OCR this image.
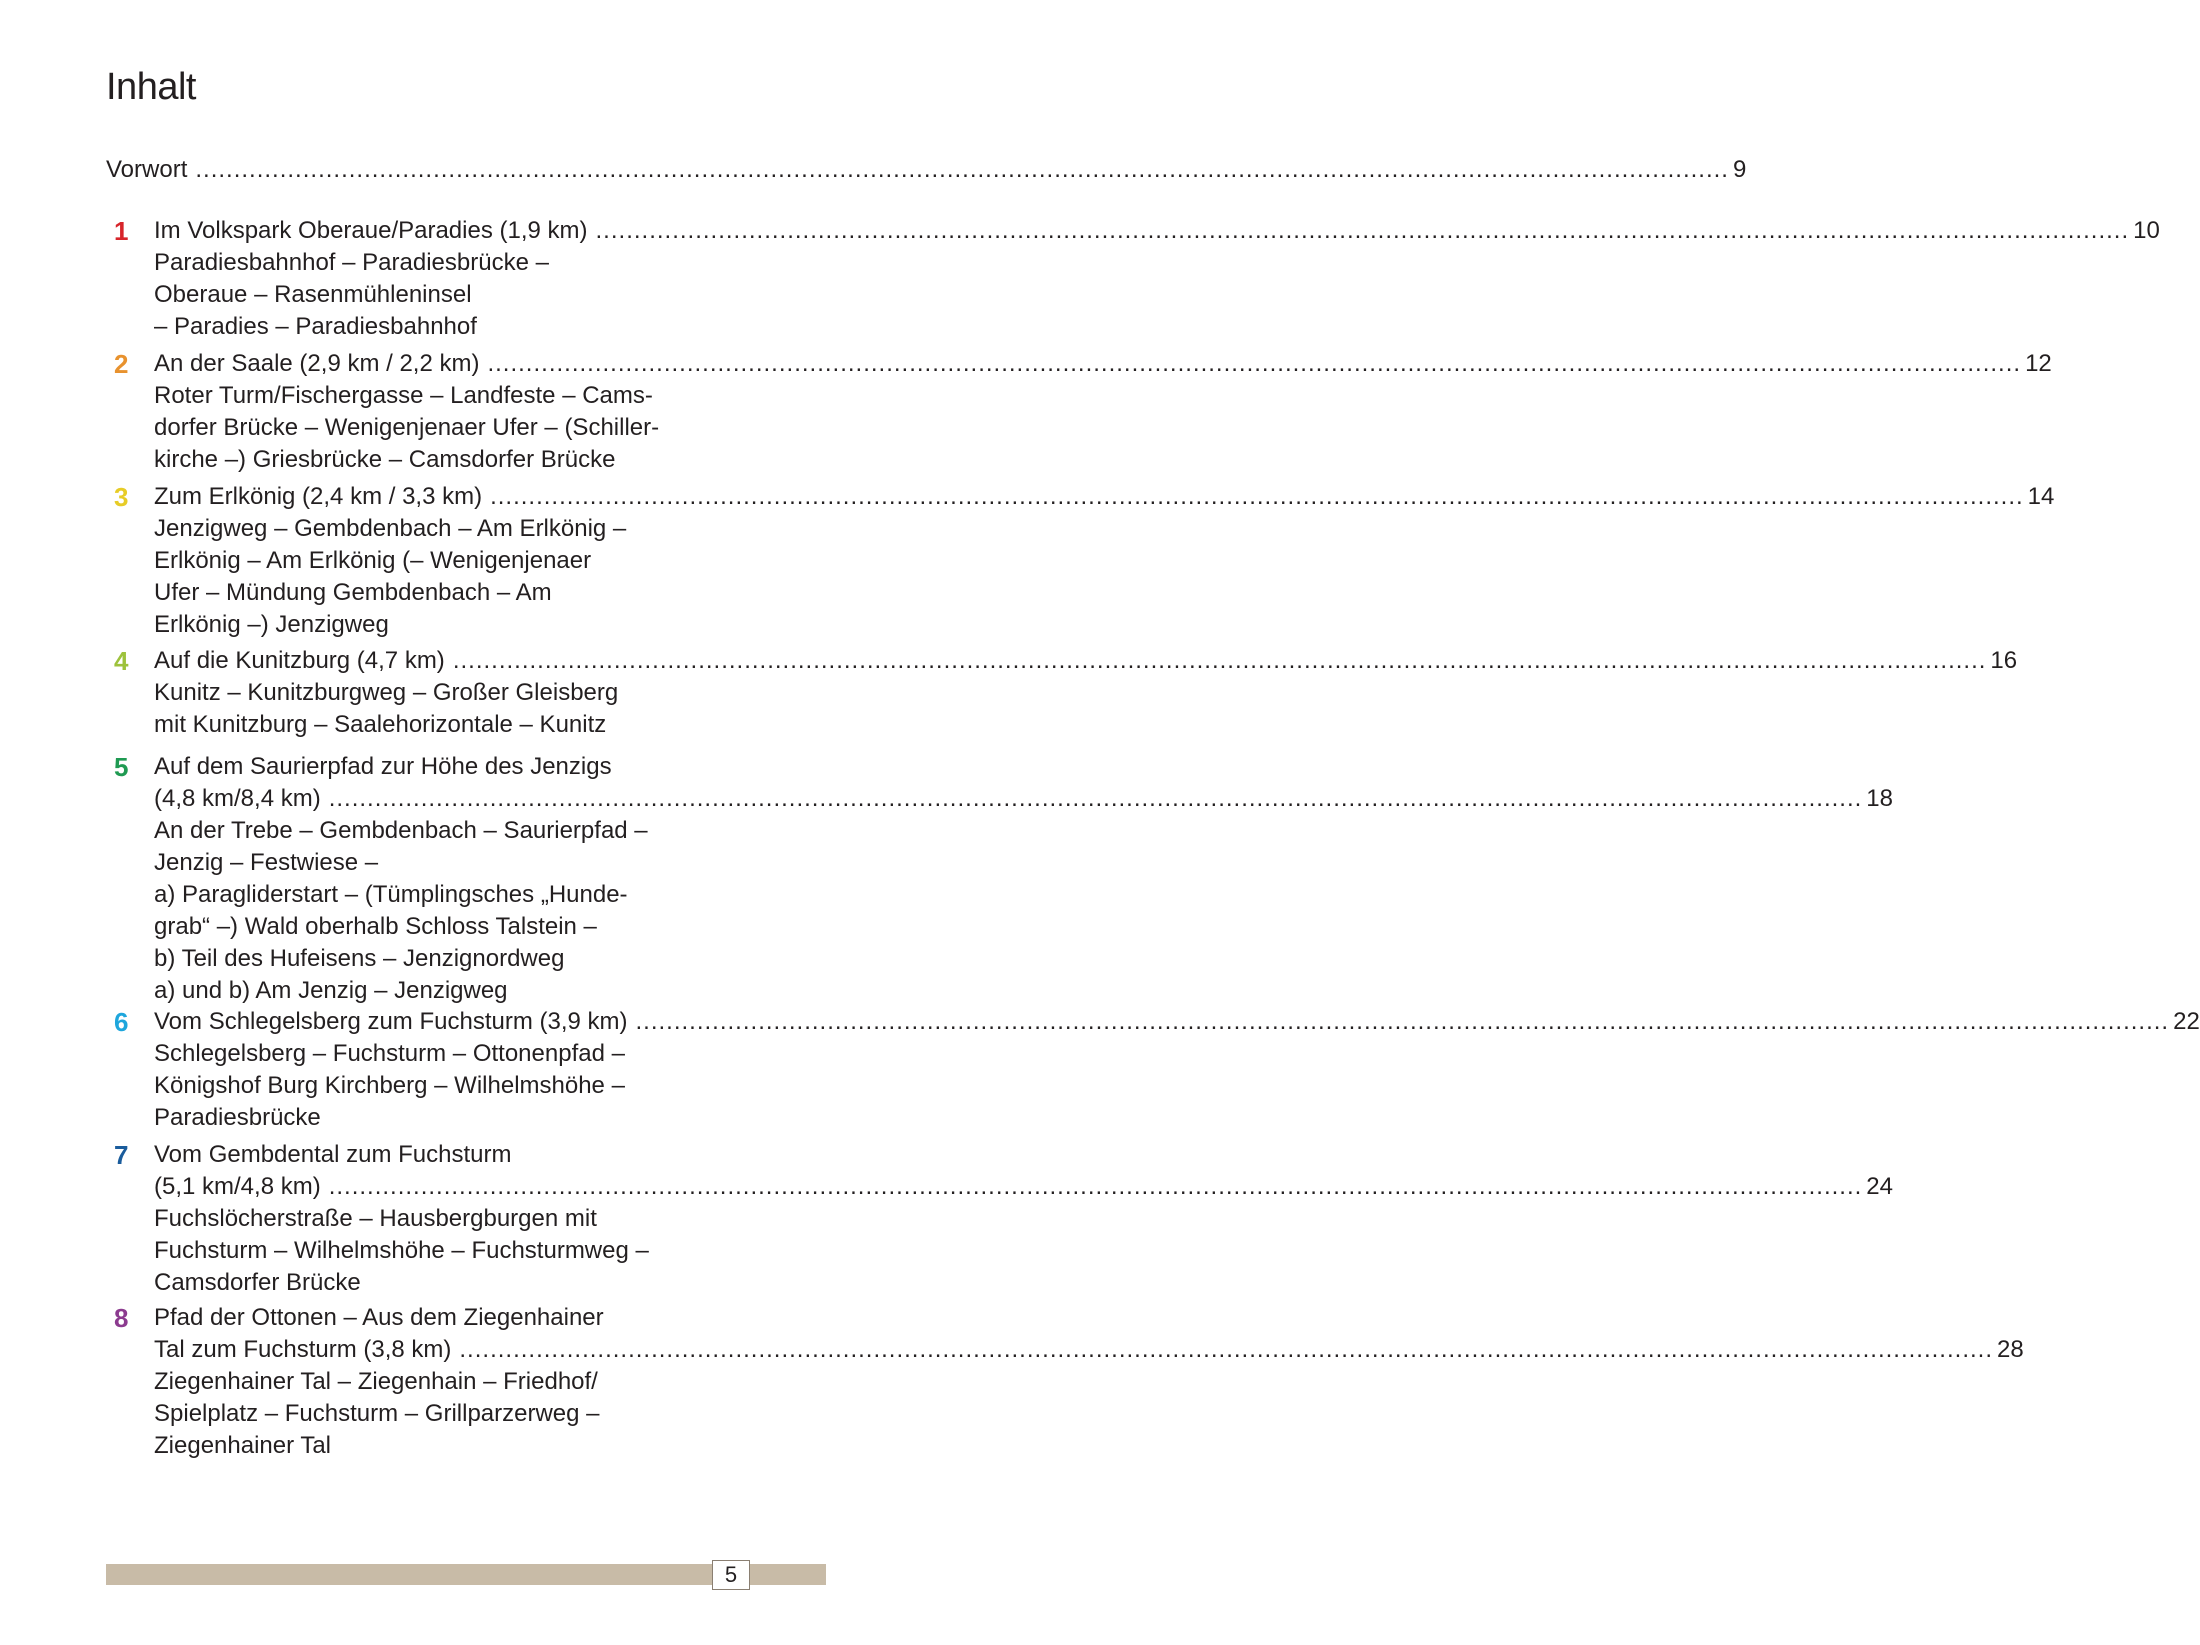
Inhalt
Vorwort ........................................................................................................................................................................................................ 9
1	Im Volkspark Oberaue/Paradies (1,9 km) ........................................................................................................................................................................................................ 10
Paradiesbahnhof – Paradiesbrücke –
Oberaue – Rasenmühleninsel
– Paradies – Paradiesbahnhof
2	An der Saale (2,9 km / 2,2 km) ........................................................................................................................................................................................................ 12
Roter Turm/Fischergasse – Landfeste – Cams-
dorfer Brücke – Wenigenjenaer Ufer – (Schiller-
kirche –) Griesbrücke – Camsdorfer Brücke
3	Zum Erlkönig (2,4 km / 3,3 km) ........................................................................................................................................................................................................ 14
Jenzigweg – Gembdenbach – Am Erlkönig –
Erlkönig – Am Erlkönig (– Wenigenjenaer
Ufer – Mündung Gembdenbach – Am
Erlkönig –) Jenzigweg
4	Auf die Kunitzburg (4,7 km) ........................................................................................................................................................................................................ 16
Kunitz – Kunitzburgweg – Großer Gleisberg
mit Kunitzburg – Saalehorizontale – Kunitz
5	Auf dem Saurierpfad zur Höhe des Jenzigs
(4,8 km/8,4 km) ........................................................................................................................................................................................................ 18
An der Trebe – Gembdenbach – Saurierpfad –
Jenzig – Festwiese –
a) Paragliderstart – (Tümplingsches „Hunde-
grab“ –) Wald oberhalb Schloss Talstein –
b) Teil des Hufeisens – Jenzignordweg
a) und b) Am Jenzig – Jenzigweg
6	Vom Schlegelsberg zum Fuchsturm (3,9 km) ........................................................................................................................................................................................................ 22
Schlegelsberg – Fuchsturm – Ottonenpfad –
Königshof Burg Kirchberg – Wilhelmshöhe –
Paradiesbrücke
7	Vom Gembdental zum Fuchsturm
(5,1 km/4,8 km) ........................................................................................................................................................................................................ 24
Fuchslöcherstraße – Hausbergburgen mit
Fuchsturm – Wilhelmshöhe – Fuchsturmweg –
Camsdorfer Brücke
8	Pfad der Ottonen – Aus dem Ziegenhainer
Tal zum Fuchsturm (3,8 km) ........................................................................................................................................................................................................ 28
Ziegenhainer Tal – Ziegenhain – Friedhof/
Spielplatz – Fuchsturm – Grillparzerweg –
Ziegenhainer Tal
5
